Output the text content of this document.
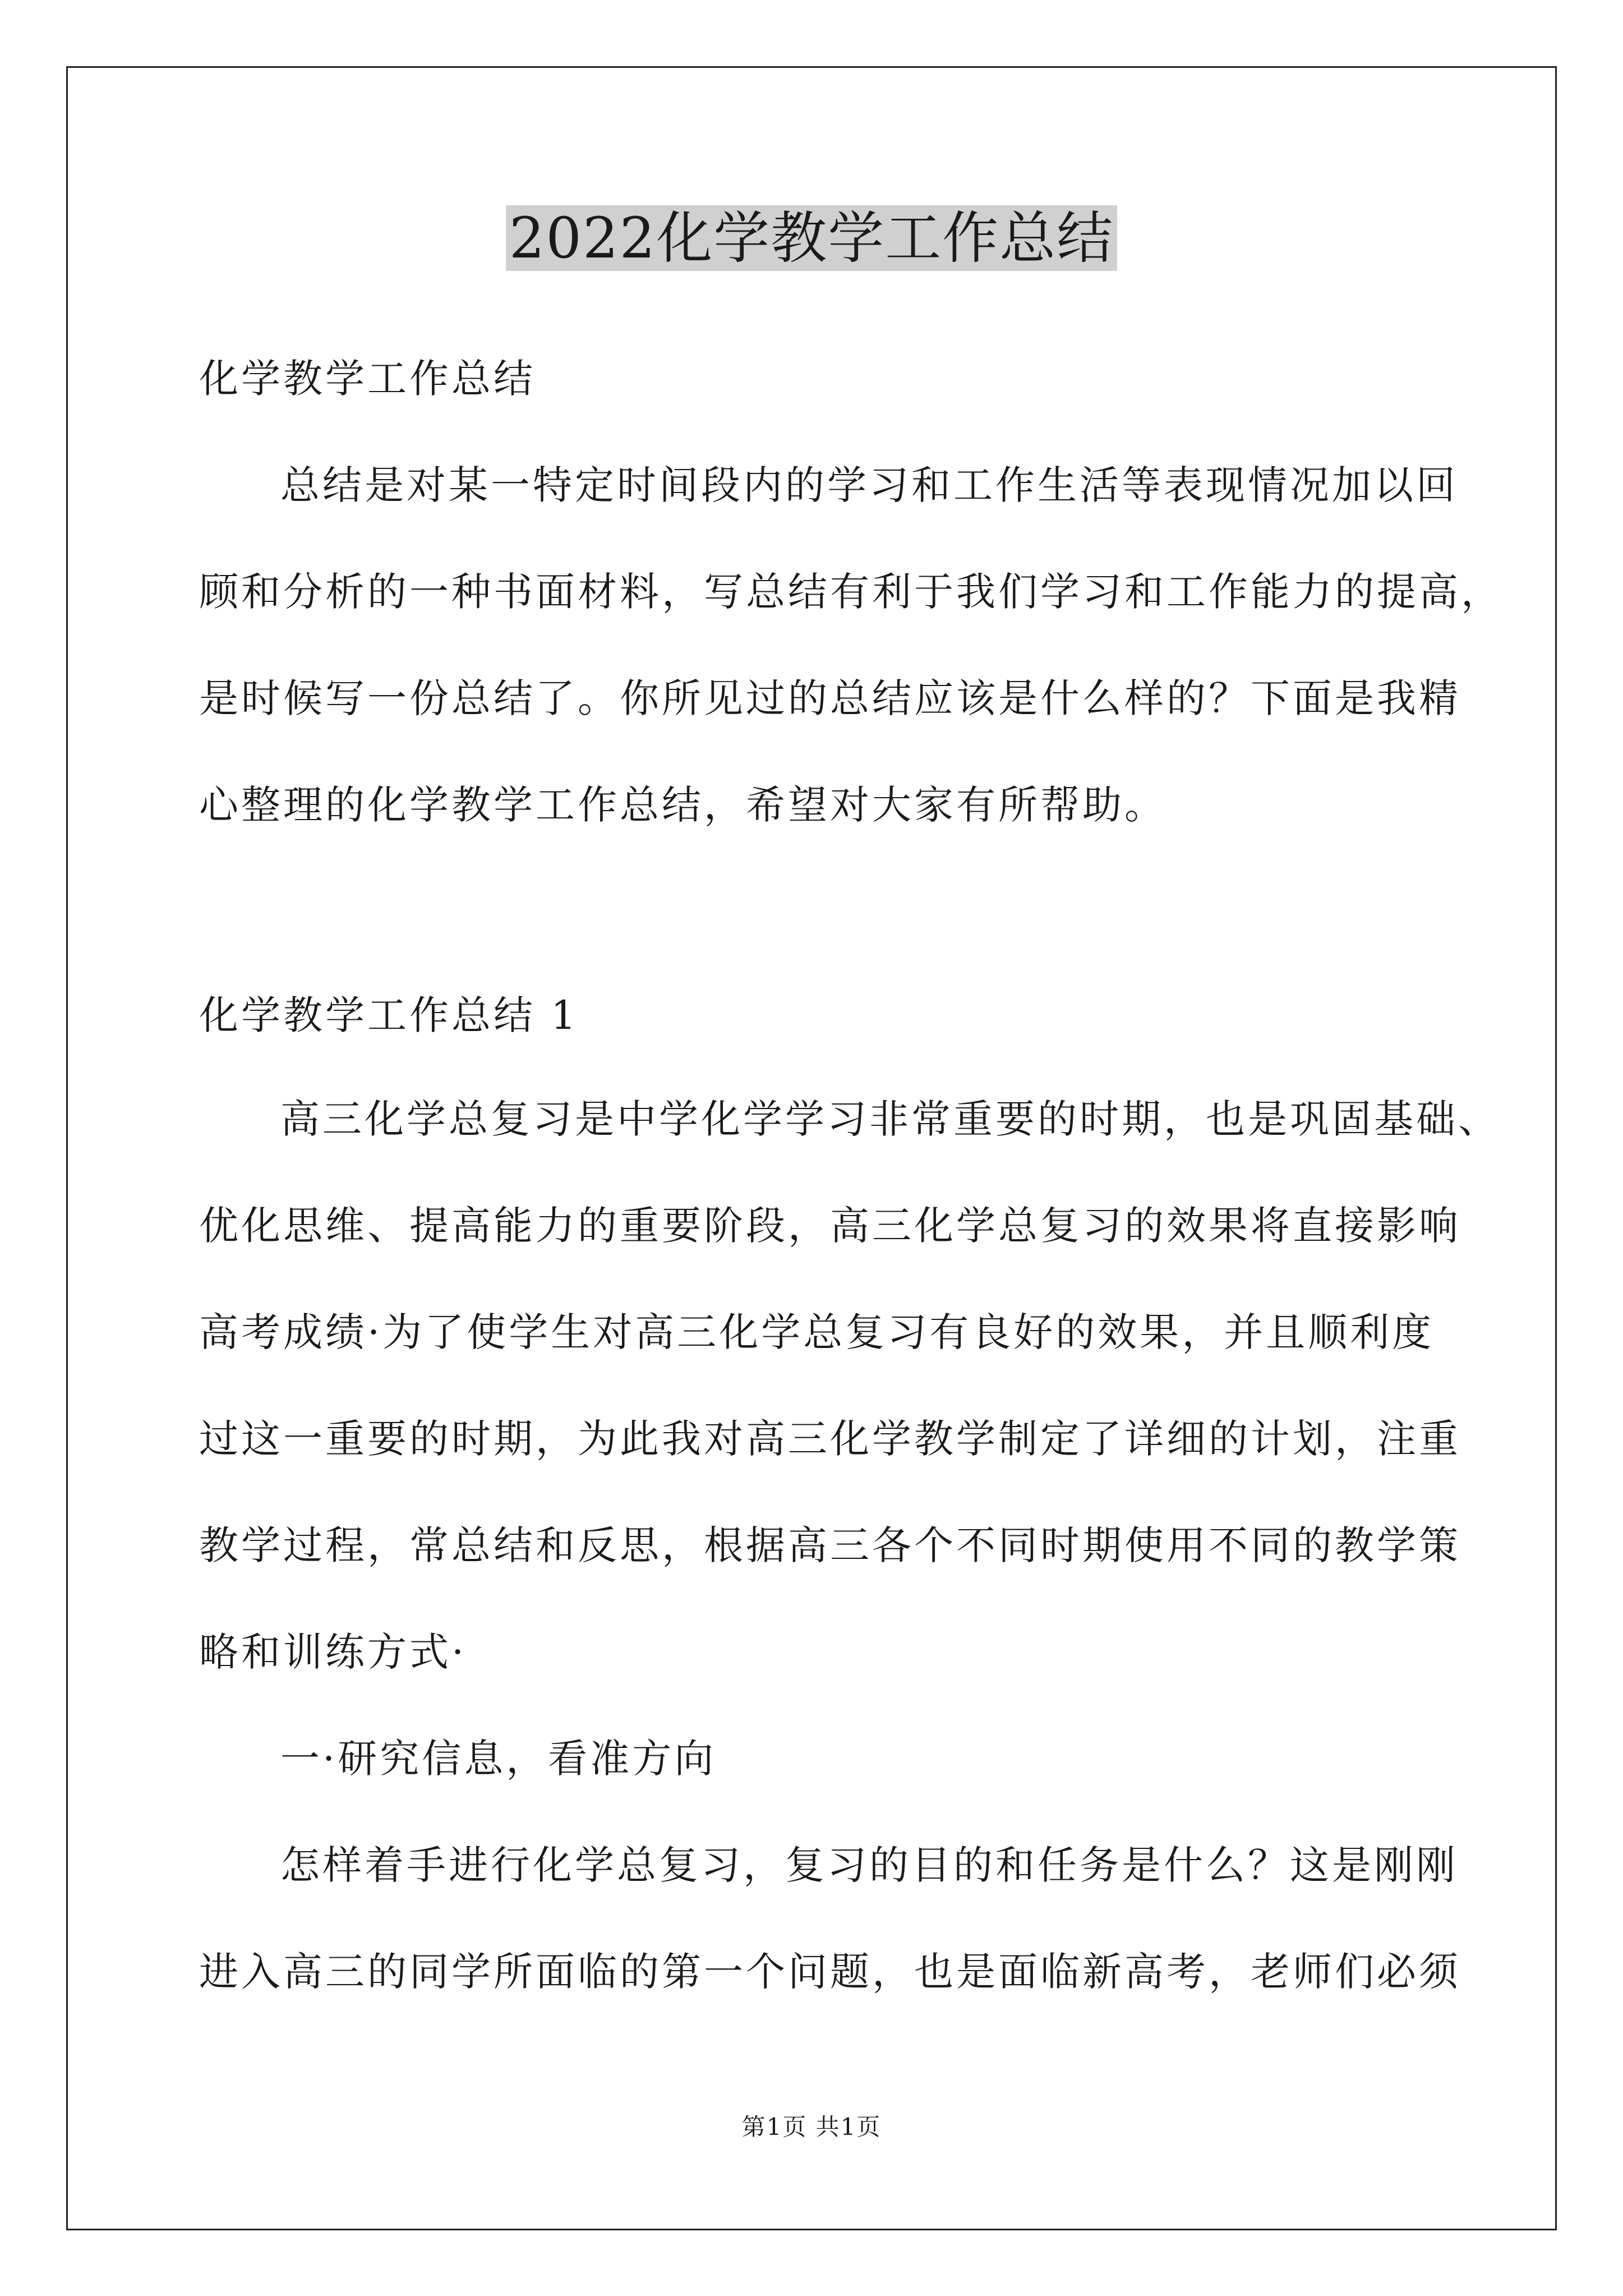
2022化学教学工作总结
化学教学工作总结
总结是对某一特定时间段内的学习和工作生活等表现情况加以回
顾和分析的一种书面材料，写总结有利于我们学习和工作能力的提高，
是时候写一份总结了。你所见过的总结应该是什么样的？下面是我精
心整理的化学教学工作总结，希望对大家有所帮助。
化学教学工作总结 1
高三化学总复习是中学化学学习非常重要的时期，也是巩固基础、
优化思维、提高能力的重要阶段，高三化学总复习的效果将直接影响
高考成绩·为了使学生对高三化学总复习有良好的效果，并且顺利度
过这一重要的时期，为此我对高三化学教学制定了详细的计划，注重
教学过程，常总结和反思，根据高三各个不同时期使用不同的教学策
略和训练方式·
一·研究信息，看准方向
怎样着手进行化学总复习，复习的目的和任务是什么？这是刚刚
进入高三的同学所面临的第一个问题，也是面临新高考，老师们必须
第1页 共1页
